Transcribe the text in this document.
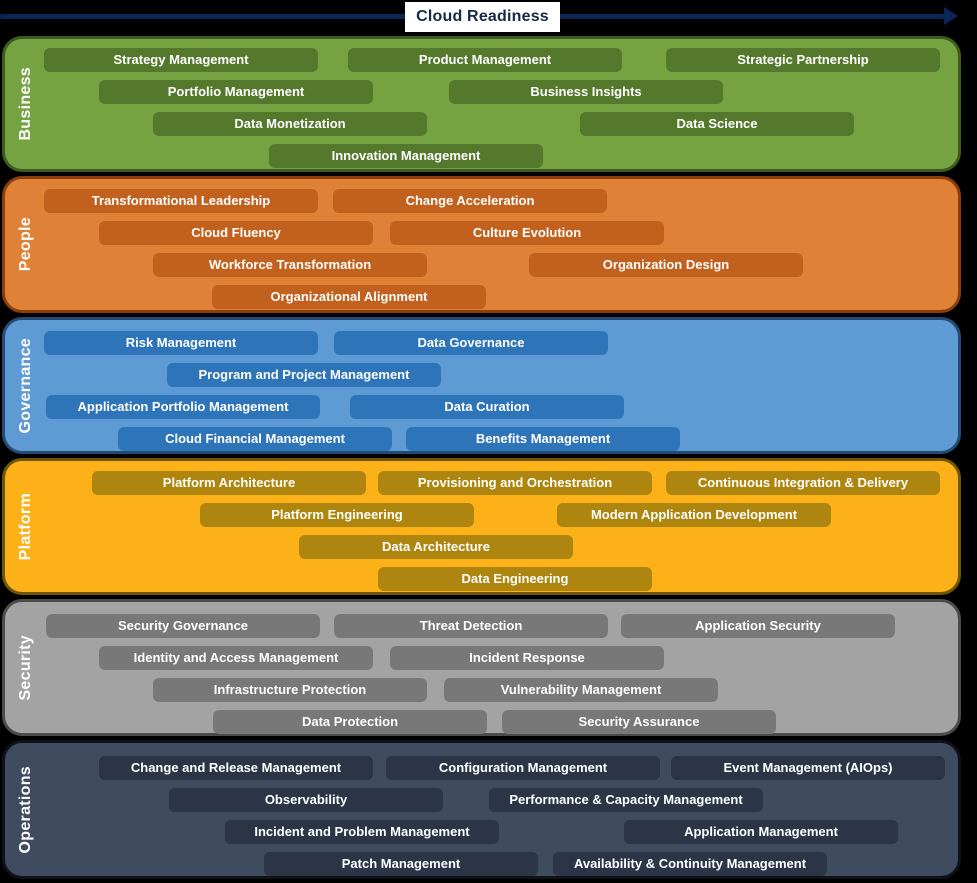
Cloud Readiness
Business
Strategy Management	Product Management	Strategic Partnership
Portfolio Management	Business Insights
Data Monetization	Data Science
Innovation Management
People
Transformational Leadership	Change Acceleration
Cloud Fluency	Culture Evolution
Workforce Transformation	Organization Design
Organizational Alignment
Governance	Risk Management	Data Governance
Program and Project Management
Application Portfolio Management	Data Curation
Cloud Financial Management	Benefits Management
Platform
Platform Architecture	Provisioning and Orchestration	Continuous Integration & Delivery
Platform Engineering	Modern Application Development
Data Architecture
Data Engineering
Security
Security Governance	Threat Detection	Application Security
Identity and Access Management	Incident Response
Infrastructure Protection	Vulnerability Management
Data Protection	Security Assurance
Operations	Change and Release Management	Configuration Management	Event Management (AIOps)
Observability	Performance & Capacity Management
Incident and Problem Management	Application Management
Patch Management	Availability & Continuity Management
